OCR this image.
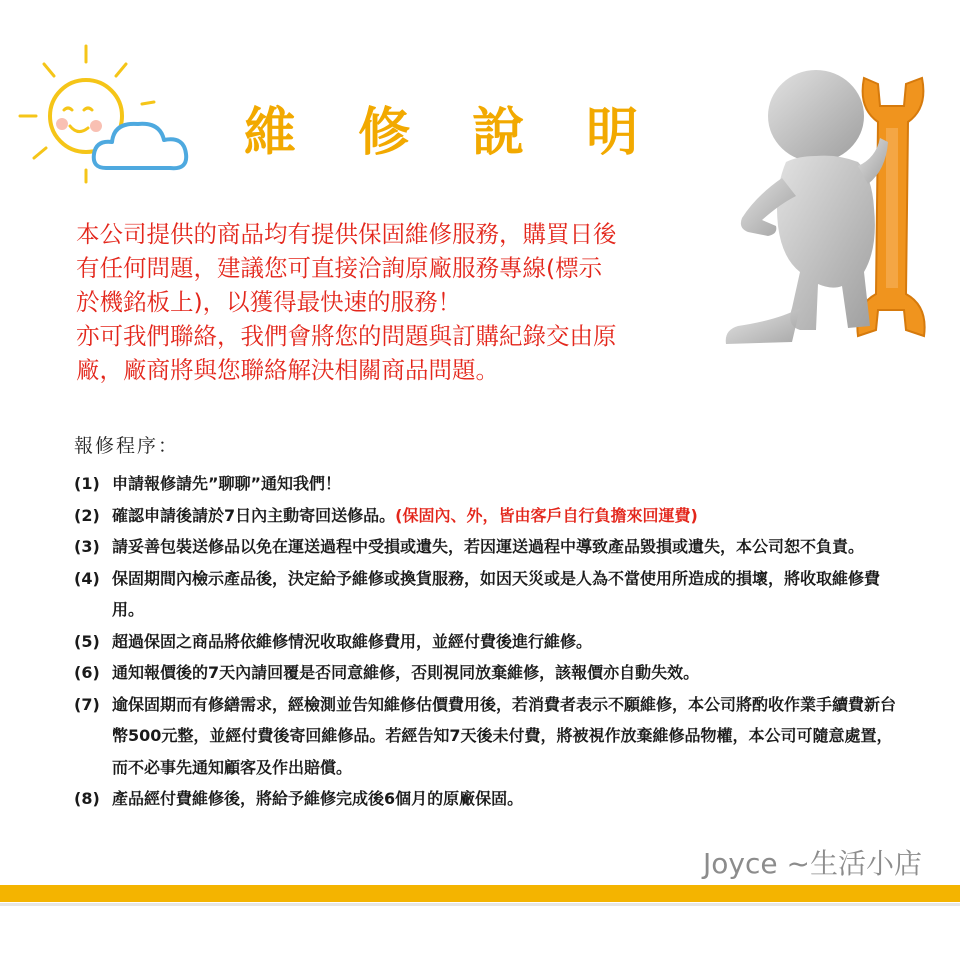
維 修 說 明

本公司提供的商品均有提供保固維修服務，購買日後

有任何問題，建議您可直接洽詢原廠服務專線(標示

於機銘板上)，以獲得最快速的服務！

亦可我們聯絡，我們會將您的問題與訂購紀錄交由原

廠，廠商將與您聯絡解決相關商品問題。

報修程序：
(1) 申請報修請先”聊聊”通知我們！
(2) 確認申請後請於7日內主動寄回送修品。(保固內、外，皆由客戶自行負擔來回運費)
(3) 請妥善包裝送修品以免在運送過程中受損或遺失，若因運送過程中導致產品毀損或遺失，本公司恕不負責。
(4) 保固期間內檢示產品後，決定給予維修或換貨服務，如因天災或是人為不當使用所造成的損壞，將收取維修費用。
(5) 超過保固之商品將依維修情況收取維修費用，並經付費後進行維修。
(6) 通知報價後的7天內請回覆是否同意維修，否則視同放棄維修，該報價亦自動失效。
(7) 逾保固期而有修繕需求，經檢測並告知維修估價費用後，若消費者表示不願維修，本公司將酌收作業手續費新台幣500元整，並經付費後寄回維修品。若經告知7天後未付費，將被視作放棄維修品物權，本公司可隨意處置，而不必事先通知顧客及作出賠償。
(8) 產品經付費維修後，將給予維修完成後6個月的原廠保固。
Joyce ~生活小店
